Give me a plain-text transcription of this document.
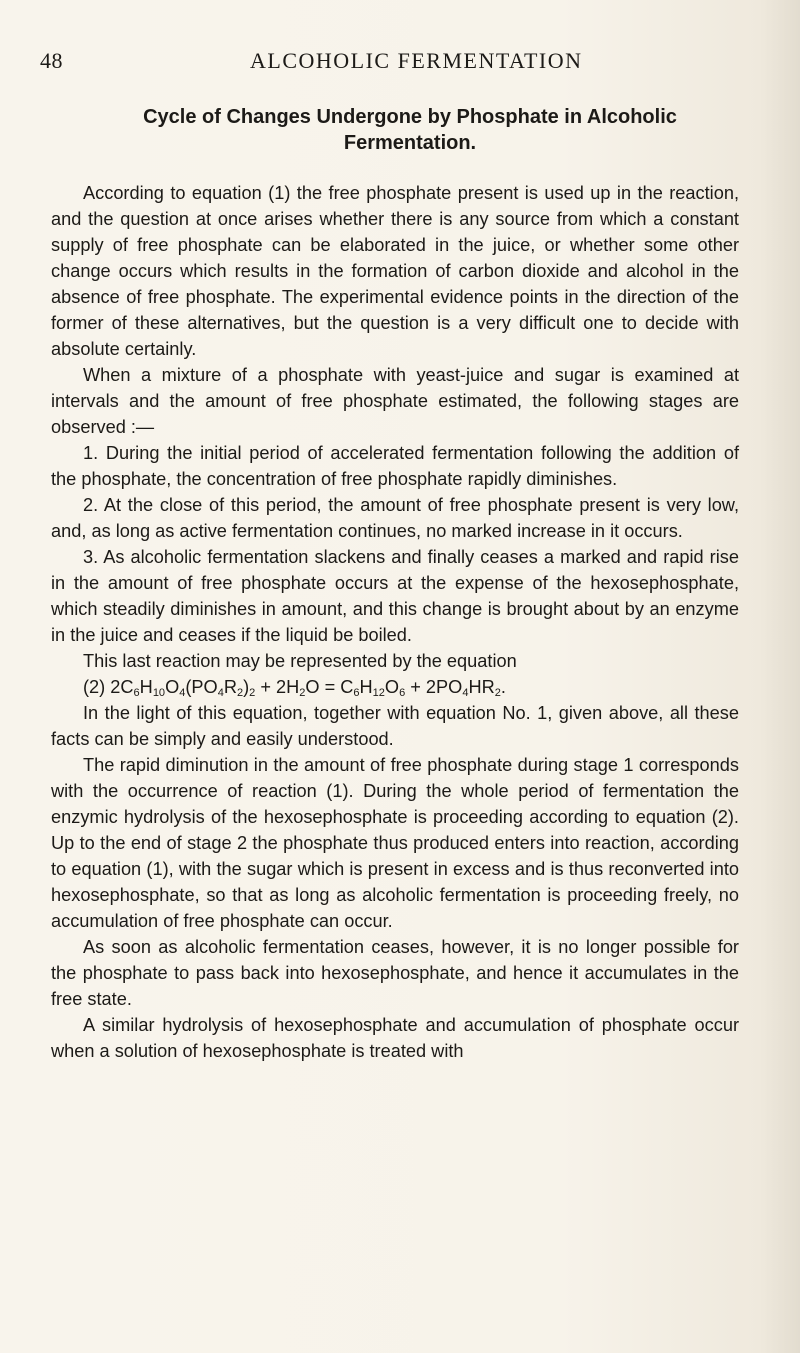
48	ALCOHOLIC FERMENTATION
Cycle of Changes Undergone by Phosphate in Alcoholic
Fermentation.

According to equation (1) the free phosphate present is used up in the reaction, and the question at once arises whether there is any source from which a constant supply of free phosphate can be elaborated in the juice, or whether some other change occurs which results in the formation of carbon dioxide and alcohol in the absence of free phosphate. The experimental evidence points in the direction of the former of these alternatives, but the question is a very difficult one to decide with absolute certainly.

When a mixture of a phosphate with yeast-juice and sugar is examined at intervals and the amount of free phosphate estimated, the following stages are observed :—

1. During the initial period of accelerated fermentation following the addition of the phosphate, the concentration of free phosphate rapidly diminishes.

2. At the close of this period, the amount of free phosphate present is very low, and, as long as active fermentation continues, no marked increase in it occurs.

3. As alcoholic fermentation slackens and finally ceases a marked and rapid rise in the amount of free phosphate occurs at the expense of the hexosephosphate, which steadily diminishes in amount, and this change is brought about by an enzyme in the juice and ceases if the liquid be boiled.

This last reaction may be represented by the equation

(2) $2C_6H_{10}O_4(PO_4R_2)_2 + 2H_2O = C_6H_{12}O_6 + 2PO_4HR_2$.

In the light of this equation, together with equation No. 1, given above, all these facts can be simply and easily understood.

The rapid diminution in the amount of free phosphate during stage 1 corresponds with the occurrence of reaction (1). During the whole period of fermentation the enzymic hydrolysis of the hexosephosphate is proceeding according to equation (2). Up to the end of stage 2 the phosphate thus produced enters into reaction, according to equation (1), with the sugar which is present in excess and is thus reconverted into hexosephosphate, so that as long as alcoholic fermentation is proceeding freely, no accumulation of free phosphate can occur.

As soon as alcoholic fermentation ceases, however, it is no longer possible for the phosphate to pass back into hexosephosphate, and hence it accumulates in the free state.

A similar hydrolysis of hexosephosphate and accumulation of phosphate occur when a solution of hexosephosphate is treated with
